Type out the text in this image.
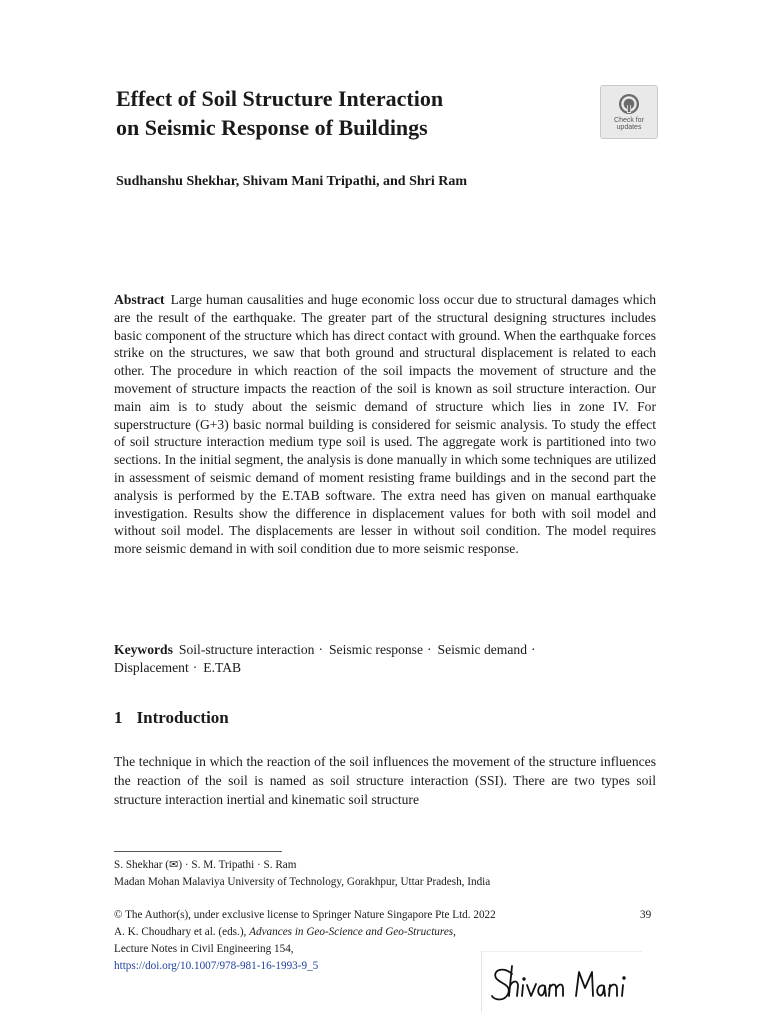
Effect of Soil Structure Interaction
on Seismic Response of Buildings	Check for
updates

Sudhanshu Shekhar, Shivam Mani Tripathi, and Shri Ram

Abstract Large human causalities and huge economic loss occur due to structural damages which are the result of the earthquake. The greater part of the structural designing structures includes basic component of the structure which has direct contact with ground. When the earthquake forces strike on the structures, we saw that both ground and structural displacement is related to each other. The procedure in which reaction of the soil impacts the movement of structure and the movement of structure impacts the reaction of the soil is known as soil structure interaction. Our main aim is to study about the seismic demand of structure which lies in zone IV. For superstructure (G+3) basic normal building is considered for seismic analysis. To study the effect of soil structure interaction medium type soil is used. The aggregate work is partitioned into two sections. In the initial segment, the analysis is done manually in which some techniques are utilized in assessment of seismic demand of moment resisting frame buildings and in the second part the analysis is performed by the E.TAB software. The extra need has given on manual earthquake investigation. Results show the difference in displacement values for both with soil model and without soil model. The displacements are lesser in without soil condition. The model requires more seismic demand in with soil condition due to more seismic response.

Keywords Soil-structure interaction · Seismic response · Seismic demand ·
Displacement · E.TAB

1 Introduction

The technique in which the reaction of the soil influences the movement of the structure influences the reaction of the soil is named as soil structure interaction (SSI). There are two types soil structure interaction inertial and kinematic soil structure

S. Shekhar (✉) · S. M. Tripathi · S. Ram
Madan Mohan Malaviya University of Technology, Gorakhpur, Uttar Pradesh, India
© The Author(s), under exclusive license to Springer Nature Singapore Pte Ltd. 2022
A. K. Choudhary et al. (eds.), Advances in Geo-Science and Geo-Structures,
Lecture Notes in Civil Engineering 154,
https://doi.org/10.1007/978-981-16-1993-9_5
39
